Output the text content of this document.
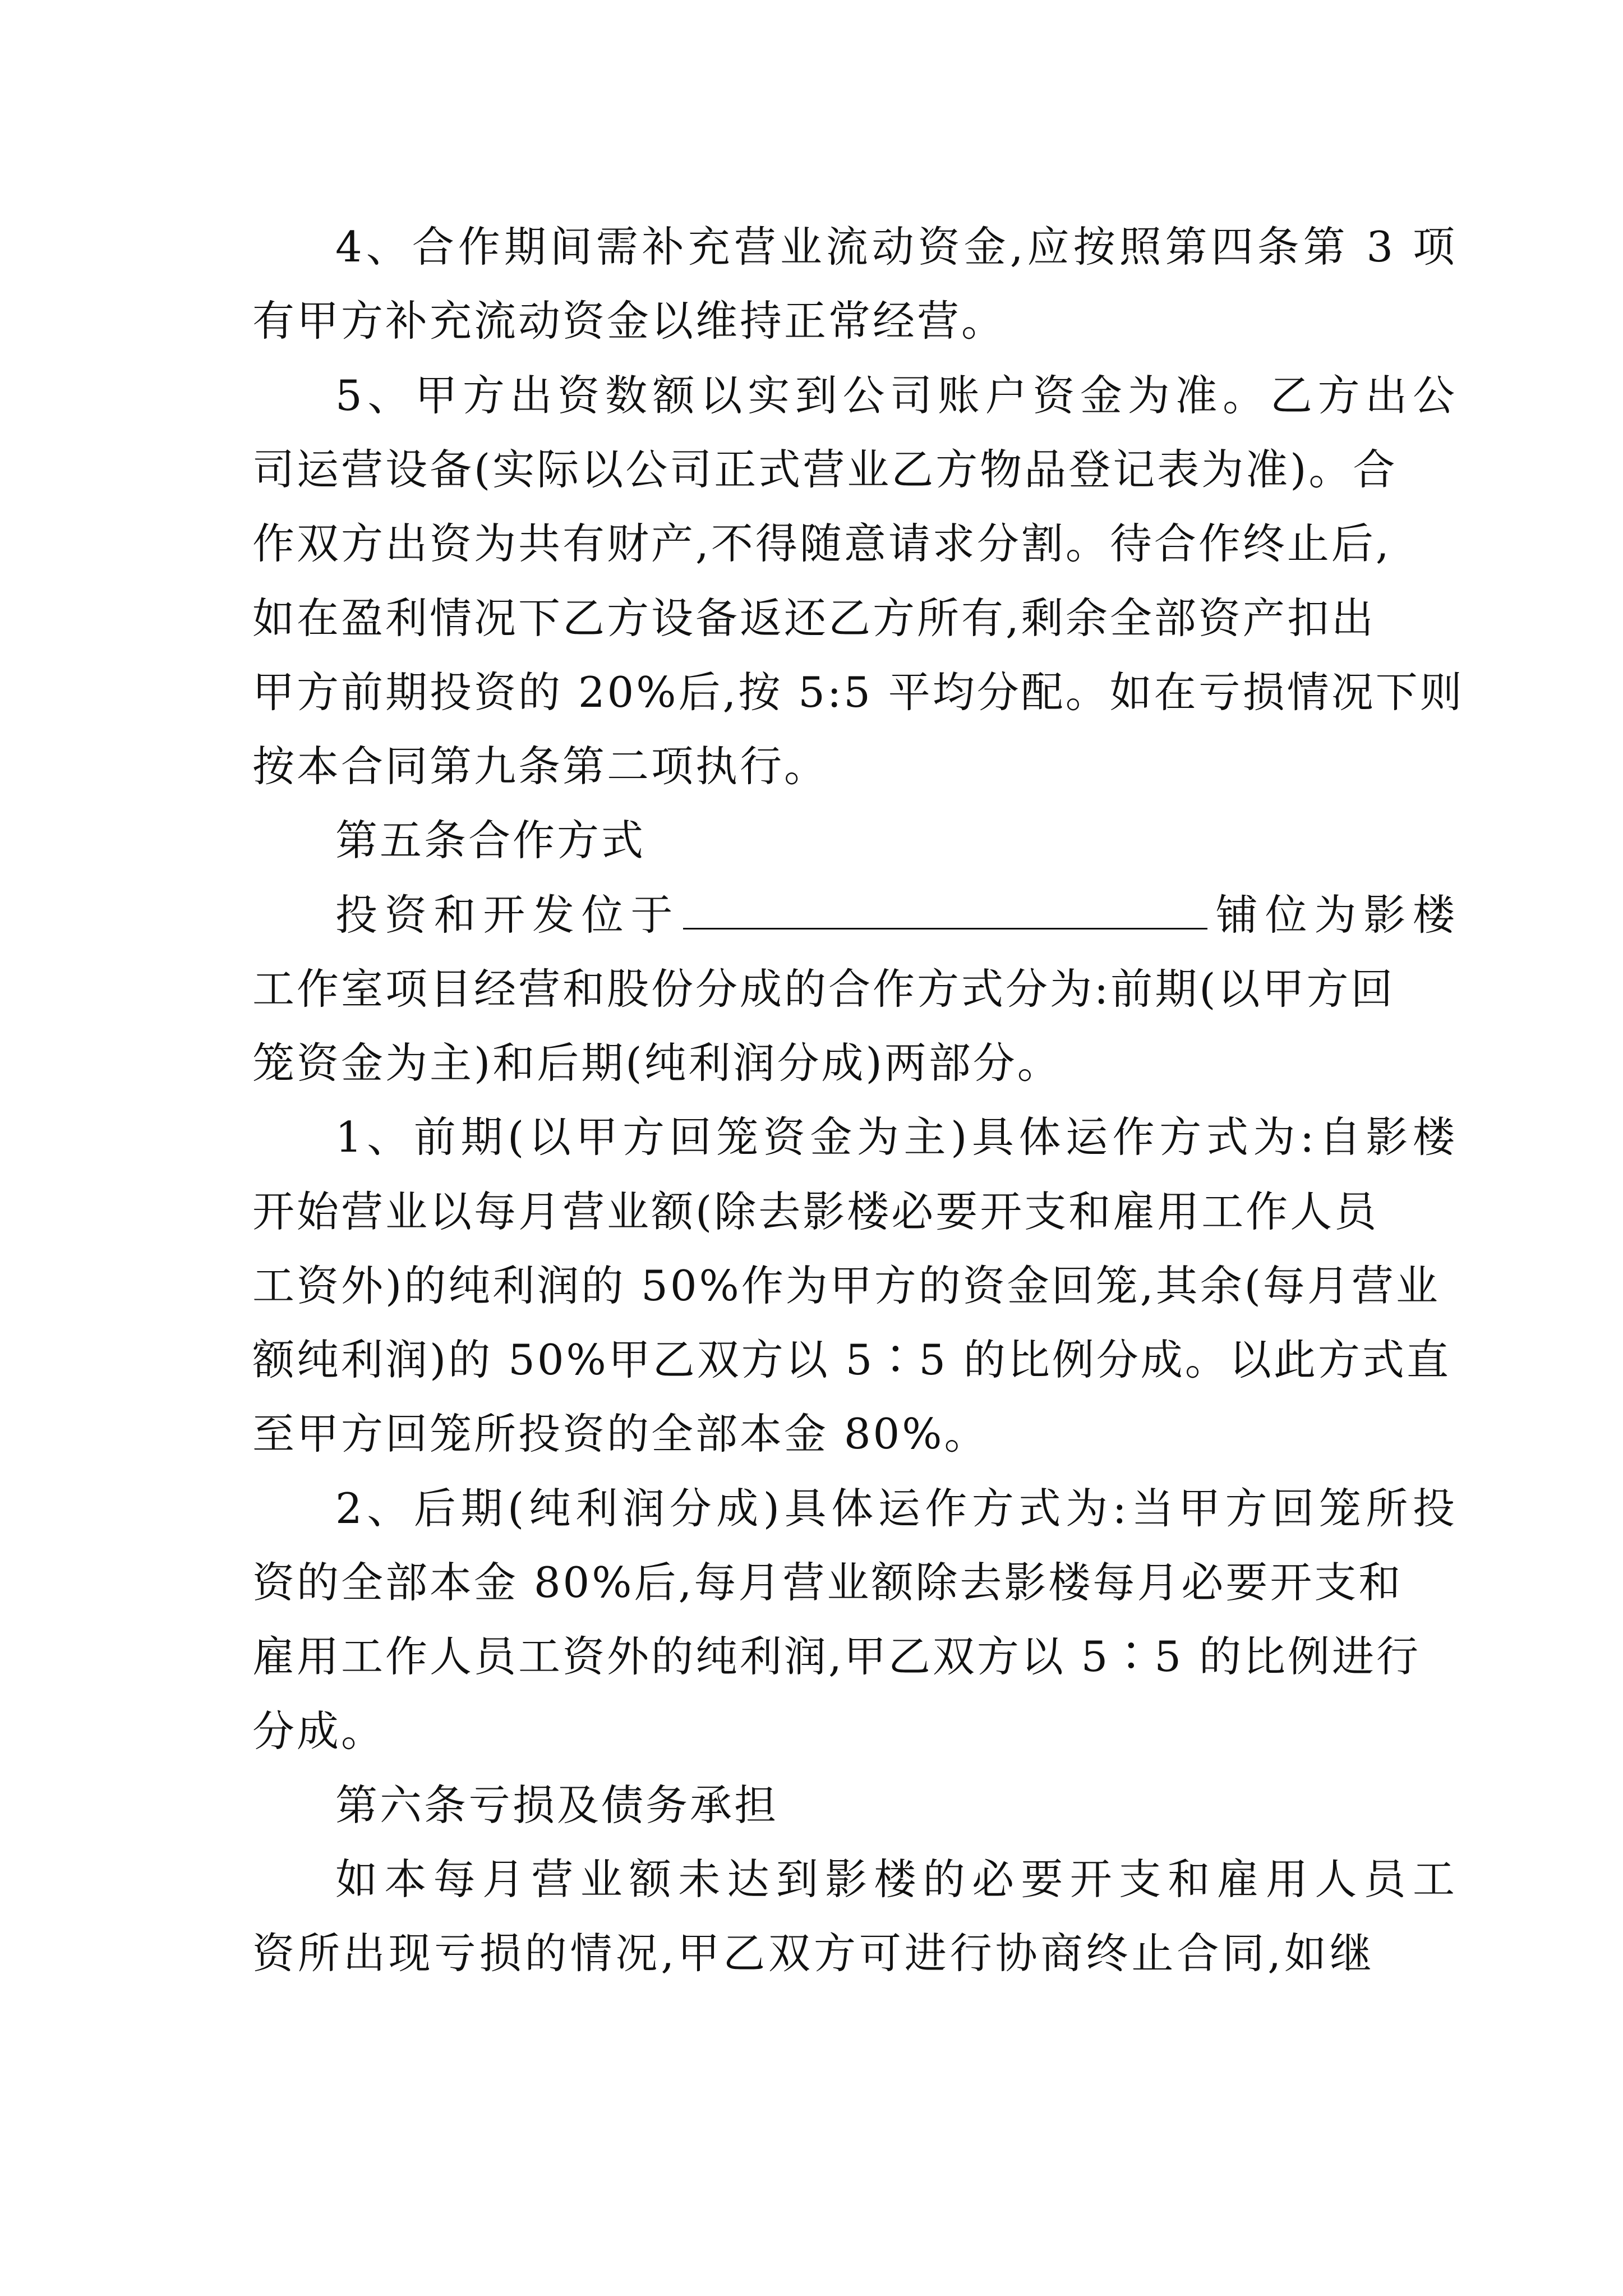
4、合作期间需补充营业流动资金,应按照第四条第 3 项

有甲方补充流动资金以维持正常经营。

5、甲方出资数额以实到公司账户资金为准。乙方出公

司运营设备(实际以公司正式营业乙方物品登记表为准)。合

作双方出资为共有财产,不得随意请求分割。待合作终止后,

如在盈利情况下乙方设备返还乙方所有,剩余全部资产扣出

甲方前期投资的 20%后,按 5:5 平均分配。如在亏损情况下则

按本合同第九条第二项执行。

第五条合作方式

投资和开发位于	铺位为影楼

工作室项目经营和股份分成的合作方式分为:前期(以甲方回

笼资金为主)和后期(纯利润分成)两部分。

1、前期(以甲方回笼资金为主)具体运作方式为:自影楼

开始营业以每月营业额(除去影楼必要开支和雇用工作人员

工资外)的纯利润的 50%作为甲方的资金回笼,其余(每月营业

额纯利润)的 50%甲乙双方以 5∶5 的比例分成。以此方式直

至甲方回笼所投资的全部本金 80%。

2、后期(纯利润分成)具体运作方式为:当甲方回笼所投

资的全部本金 80%后,每月营业额除去影楼每月必要开支和

雇用工作人员工资外的纯利润,甲乙双方以 5∶5 的比例进行

分成。

第六条亏损及债务承担

如本每月营业额未达到影楼的必要开支和雇用人员工

资所出现亏损的情况,甲乙双方可进行协商终止合同,如继
